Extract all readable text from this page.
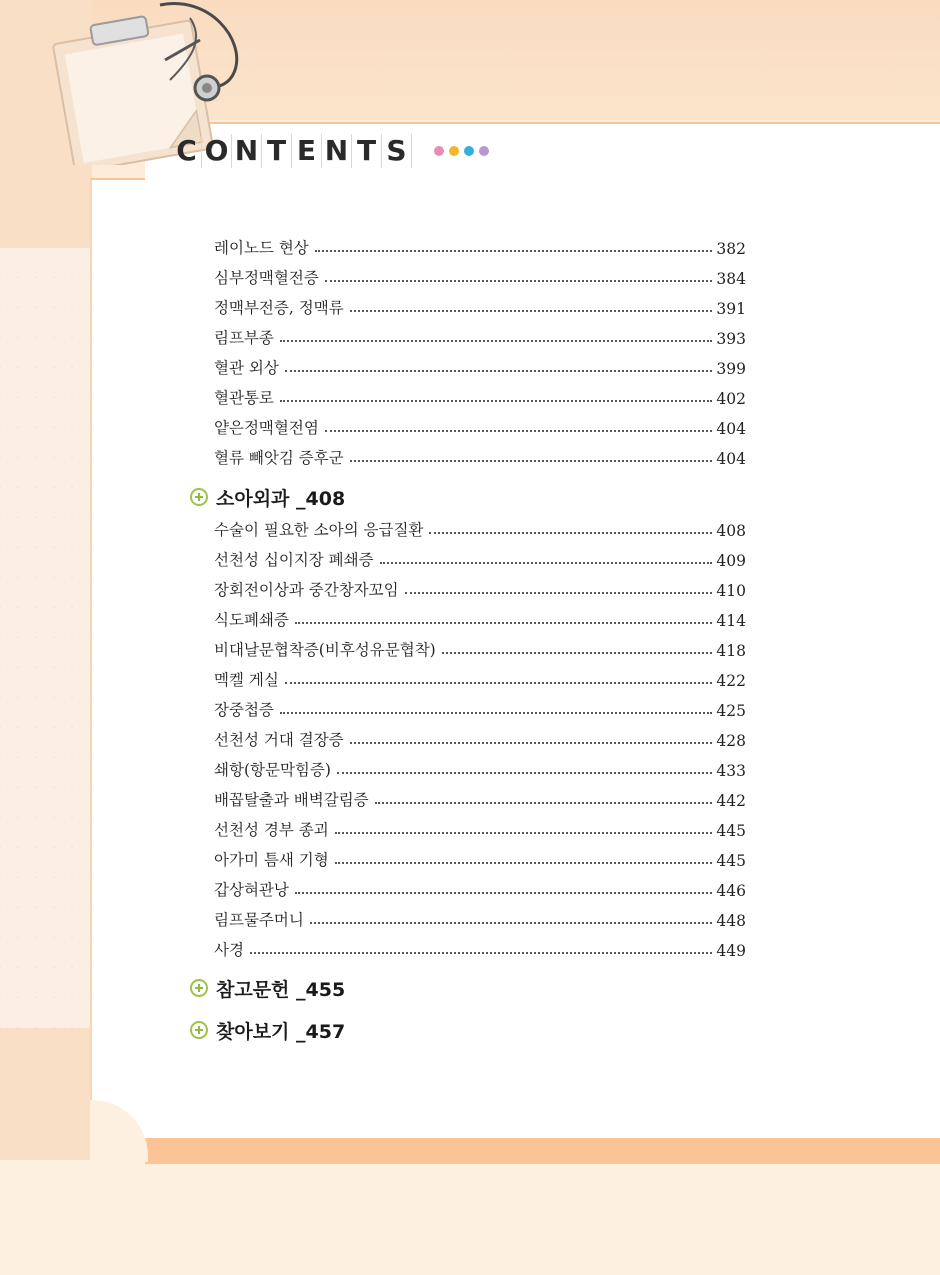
C O N T E N T S
레이노드 현상	382
심부정맥혈전증	384
정맥부전증, 정맥류	391
림프부종	393
혈관 외상	399
혈관통로	402
얕은정맥혈전염	404
혈류 빼앗김 증후군	404
소아외과 _408
수술이 필요한 소아의 응급질환	408
선천성 십이지장 폐쇄증	409
장회전이상과 중간창자꼬임	410
식도폐쇄증	414
비대날문협착증(비후성유문협착)	418
멕켈 게실	422
장중첩증	425
선천성 거대 결장증	428
쇄항(항문막힘증)	433
배꼽탈출과 배벽갈림증	442
선천성 경부 종괴	445
아가미 틈새 기형	445
갑상혀관낭	446
림프물주머니	448
사경	449
참고문헌 _455
찾아보기 _457
